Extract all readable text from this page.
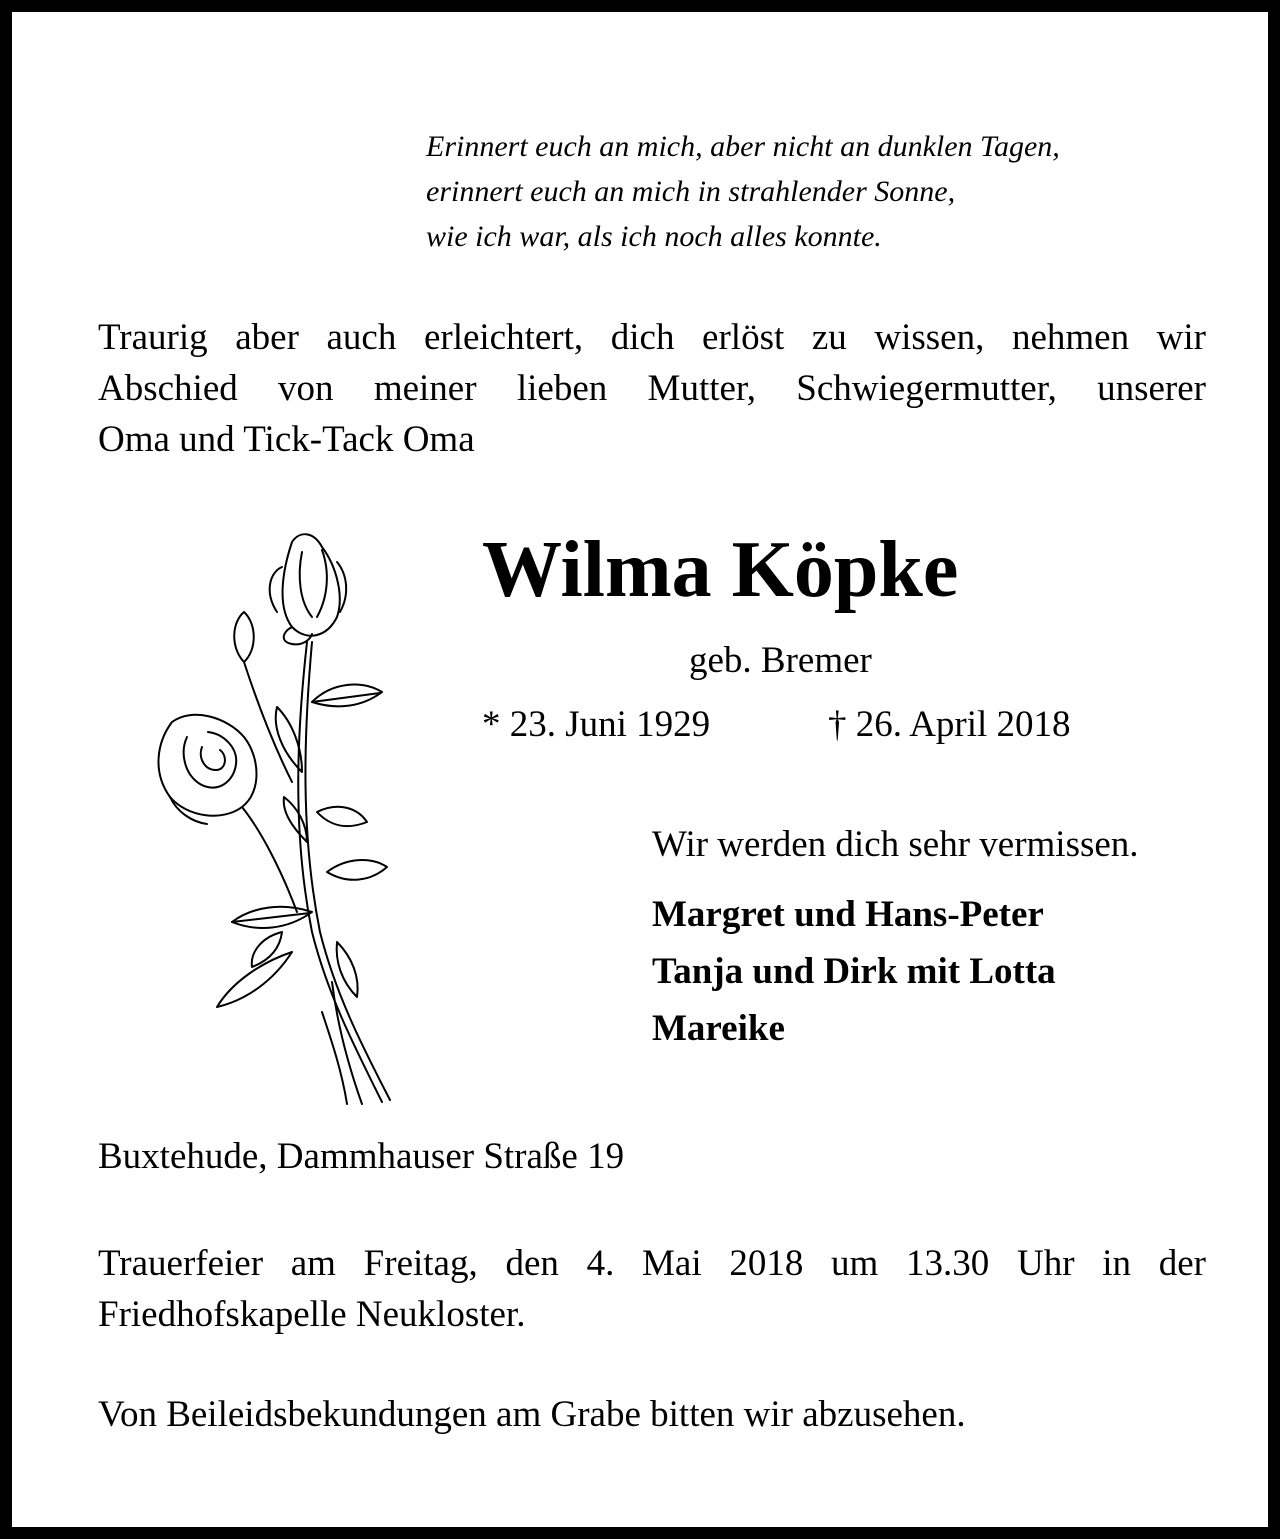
Erinnert euch an mich, aber nicht an dunklen Tagen,
erinnert euch an mich in strahlender Sonne,
wie ich war, als ich noch alles konnte.
Traurig aber auch erleichtert, dich erlöst zu wissen, nehmen wir
Abschied von meiner lieben Mutter, Schwiegermutter, unserer
Oma und Tick-Tack Oma
Wilma Köpke
geb. Bremer
* 23. Juni 1929	† 26. April 2018
Wir werden dich sehr vermissen.
Margret und Hans-Peter
Tanja und Dirk mit Lotta
Mareike
Buxtehude, Dammhauser Straße 19
Trauerfeier am Freitag, den 4. Mai 2018 um 13.30 Uhr in der
Friedhofskapelle Neukloster.
Von Beileidsbekundungen am Grabe bitten wir abzusehen.
